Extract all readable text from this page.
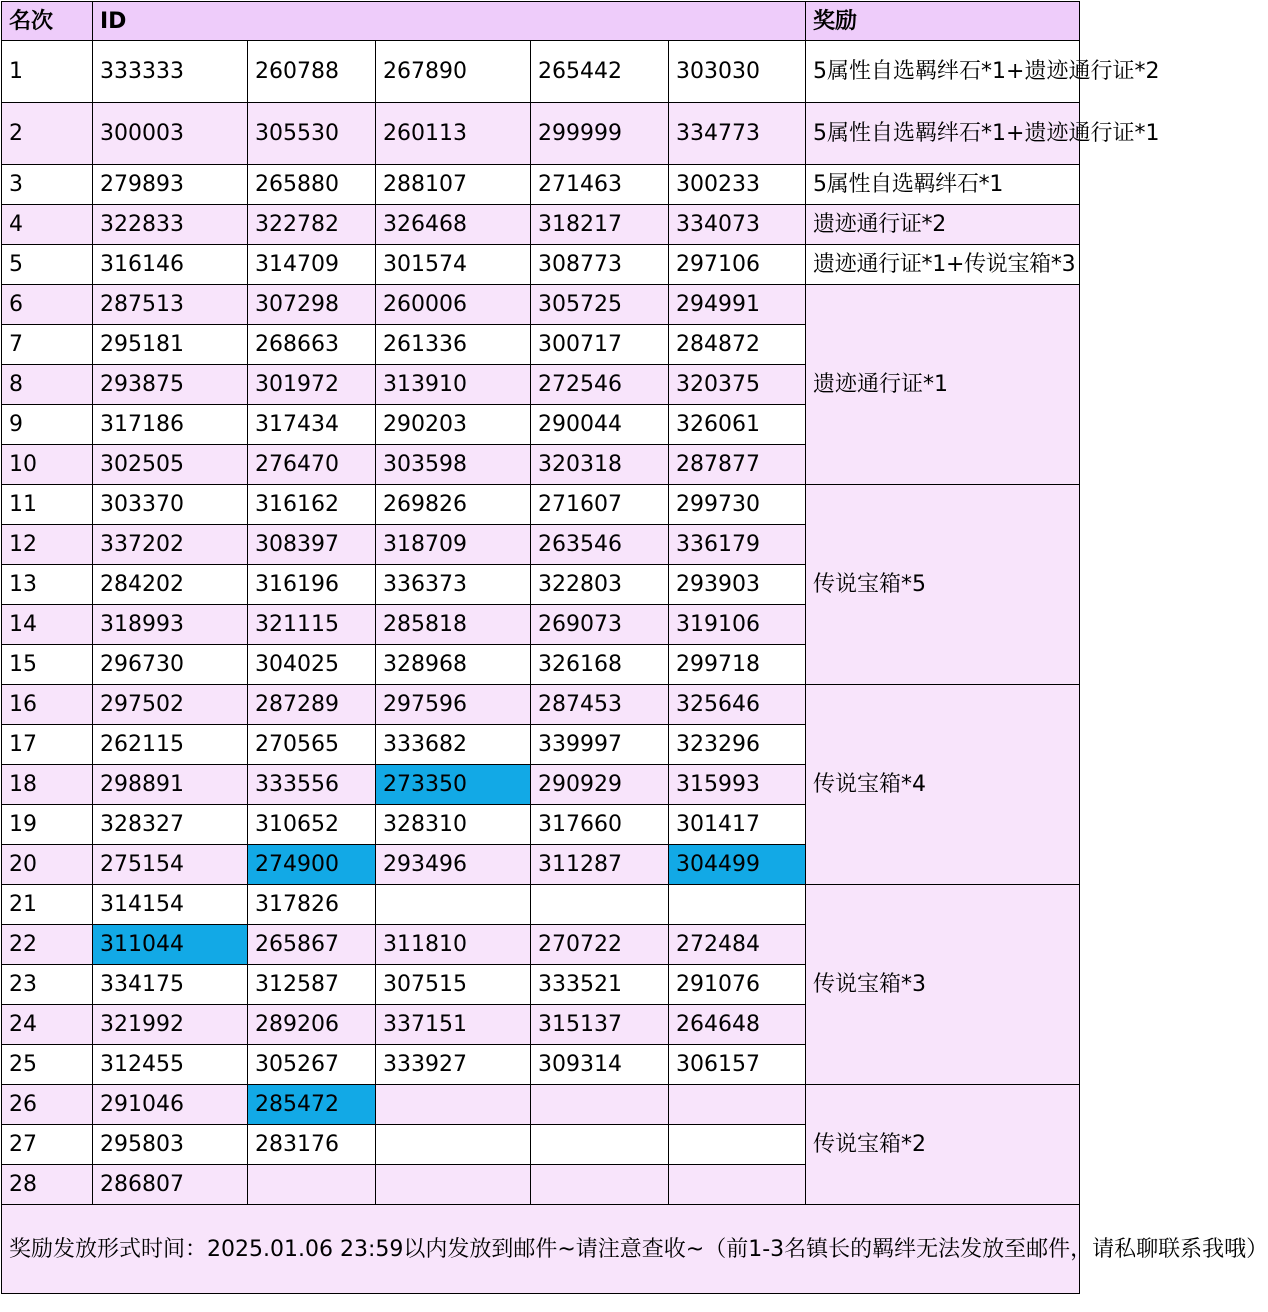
名次	ID					奖励
1	333333	260788	267890	265442	303030	5属性自选羁绊石*1+遗迹通行证*2
2	300003	305530	260113	299999	334773	5属性自选羁绊石*1+遗迹通行证*1
3	279893	265880	288107	271463	300233	5属性自选羁绊石*1
4	322833	322782	326468	318217	334073	遗迹通行证*2
5	316146	314709	301574	308773	297106	遗迹通行证*1+传说宝箱*3
6	287513	307298	260006	305725	294991	遗迹通行证*1
7	295181	268663	261336	300717	284872	
8	293875	301972	313910	272546	320375	
9	317186	317434	290203	290044	326061	
10	302505	276470	303598	320318	287877	
11	303370	316162	269826	271607	299730	传说宝箱*5
12	337202	308397	318709	263546	336179	
13	284202	316196	336373	322803	293903	
14	318993	321115	285818	269073	319106	
15	296730	304025	328968	326168	299718	
16	297502	287289	297596	287453	325646	传说宝箱*4
17	262115	270565	333682	339997	323296	
18	298891	333556	273350	290929	315993	
19	328327	310652	328310	317660	301417	
20	275154	274900	293496	311287	304499	
21	314154	317826				传说宝箱*3
22	311044	265867	311810	270722	272484	
23	334175	312587	307515	333521	291076	
24	321992	289206	337151	315137	264648	
25	312455	305267	333927	309314	306157	
26	291046	285472				传说宝箱*2
27	295803	283176				
28	286807					
奖励发放形式时间：2025.01.06 23:59以内发放到邮件~请注意查收~（前1-3名镇长的羁绊无法发放至邮件，请私聊联系我哦）						
